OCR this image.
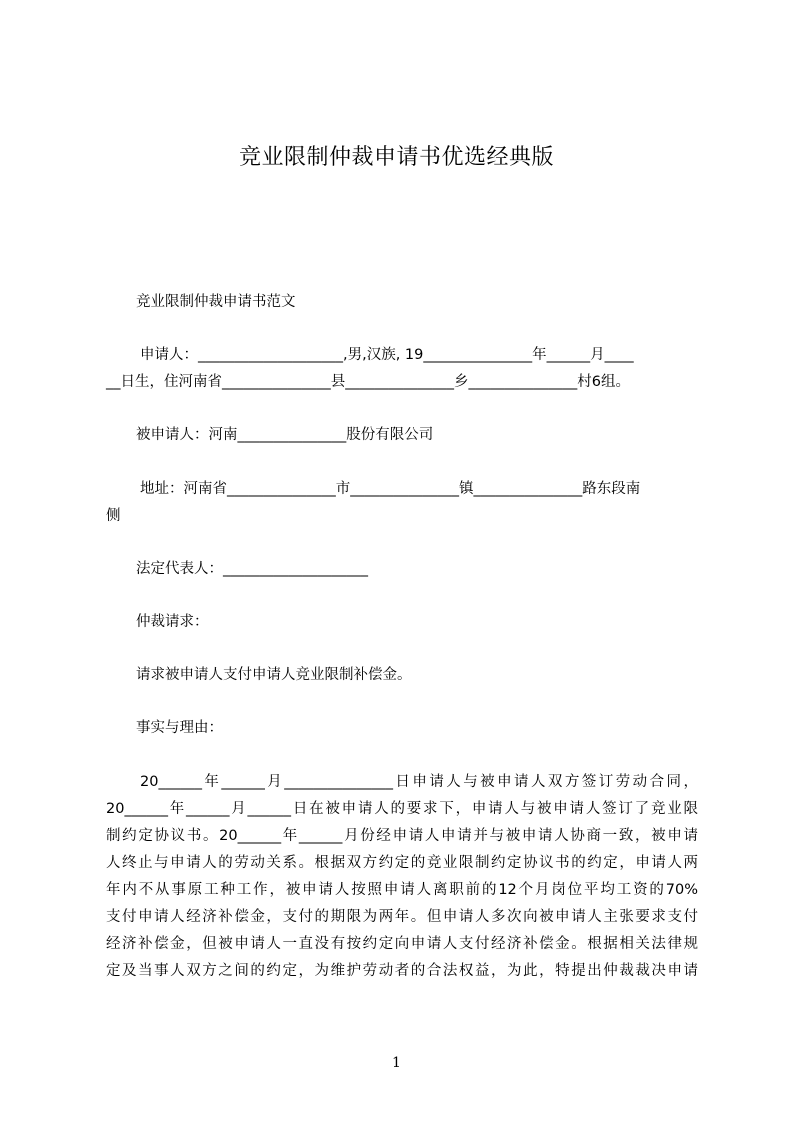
竞业限制仲裁申请书优选经典版
竞业限制仲裁申请书范文
申请人：____________________,男,汉族, 19_______________年______月____
__日生，住河南省_______________县_______________乡_______________村6组。
被申请人：河南_______________股份有限公司
地址：河南省_______________市_______________镇_______________路东段南
侧
法定代表人：____________________
仲裁请求：
请求被申请人支付申请人竞业限制补偿金。
事实与理由：
20______年______月_______________日申请人与被申请人双方签订劳动合同，
20______年______月______日在被申请人的要求下，申请人与被申请人签订了竞业限
制约定协议书。20______年______月份经申请人申请并与被申请人协商一致，被申请
人终止与申请人的劳动关系。根据双方约定的竞业限制约定协议书的约定，申请人两
年内不从事原工种工作，被申请人按照申请人离职前的12个月岗位平均工资的70%
支付申请人经济补偿金，支付的期限为两年。但申请人多次向被申请人主张要求支付
经济补偿金，但被申请人一直没有按约定向申请人支付经济补偿金。根据相关法律规
定及当事人双方之间的约定，为维护劳动者的合法权益，为此，特提出仲裁裁决申请
1
